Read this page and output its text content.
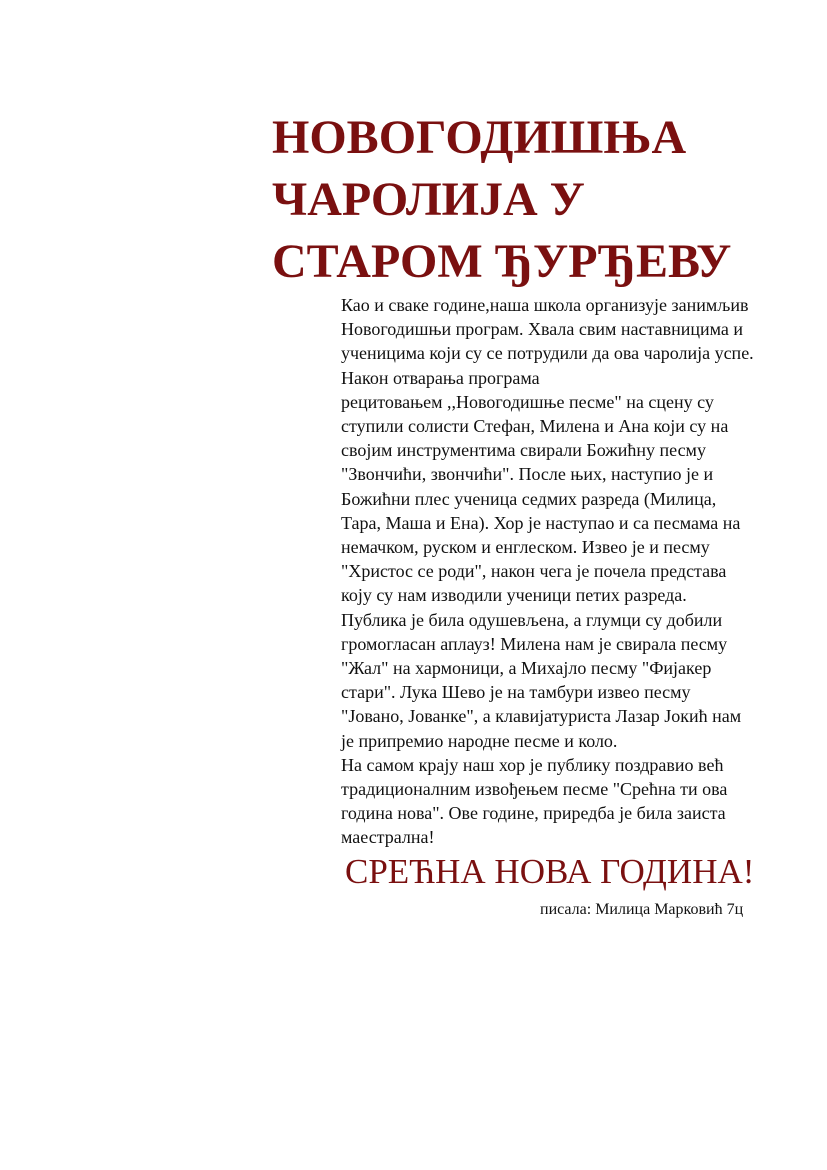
НОВОГОДИШЊА
ЧАРОЛИЈА У
СТАРОМ ЂУРЂЕВУ
Као и сваке године,наша школа организује занимљив
Новогодишњи програм. Хвала свим наставницима и
ученицима који су се потрудили да ова чаролија успе.
Након отварања програма
рецитовањем ,,Новогодишње песме" на сцену су
ступили солисти Стефан, Милена и Ана који су на
својим инструментима свирали Божићну песму
"Звончићи, звончићи". После њих, наступио је и
Божићни плес ученица седмих разреда (Милица,
Тара, Маша и Ена). Хор је наступао и са песмама на
немачком, руском и енглеском. Извео је и песму
"Христос се роди", након чега је почела представа
коју су нам изводили ученици петих разреда.
Публика је била одушевљена, а глумци су добили
громогласан аплауз! Милена нам је свирала песму
"Жал" на хармоници, а Михајло песму "Фијакер
стари". Лука Шево је на тамбури извео песму
"Јовано, Јованке", а клавијатуриста Лазар Јокић нам
је припремио народне песме и коло.
На самом крају наш хор је публику поздравио већ
традиционалним извођењем песме "Срећна ти ова
година нова". Ове године, приредба је била заиста
маестрална!

СРЕЋНА НОВА ГОДИНА!

писала: Милица Марковић 7ц
